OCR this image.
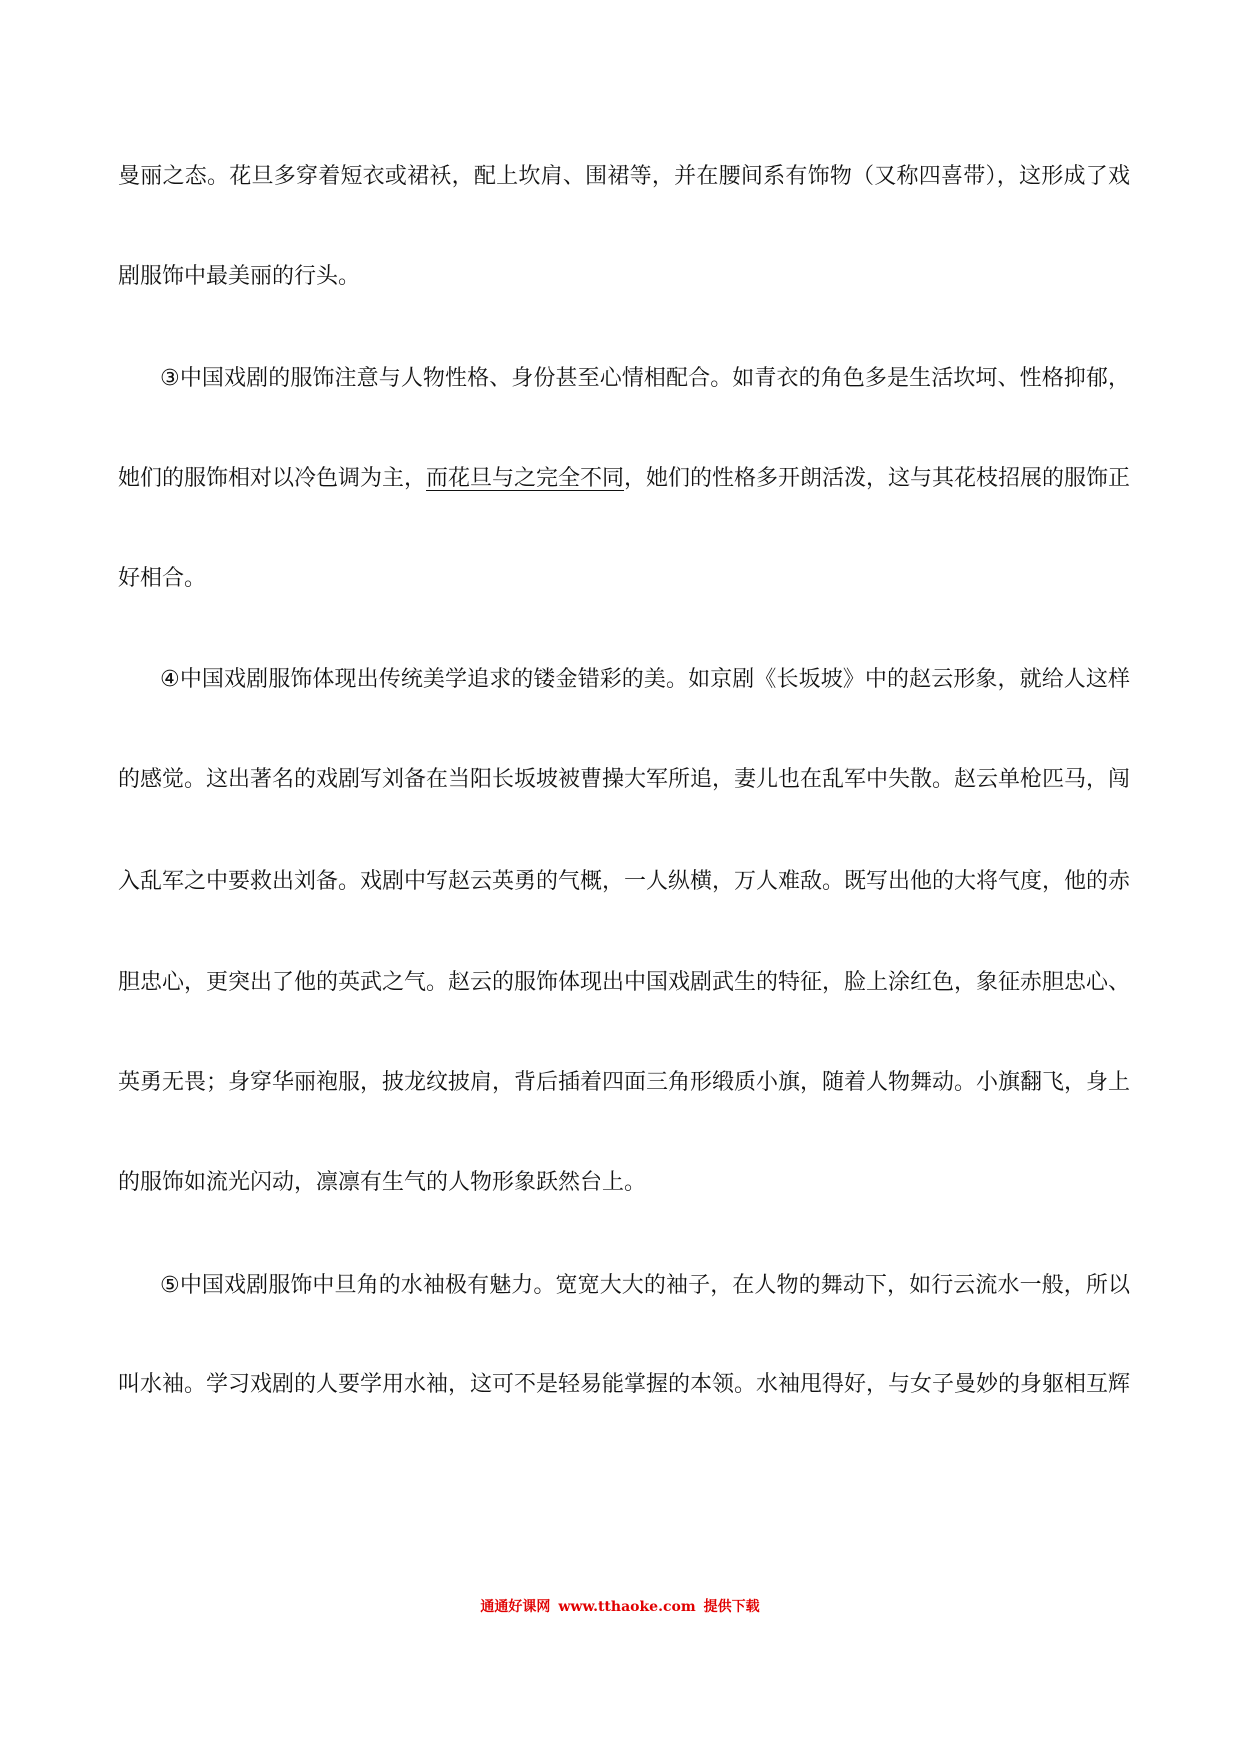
曼丽之态。花旦多穿着短衣或裙袄，配上坎肩、围裙等，并在腰间系有饰物（又称四喜带），这形成了戏
剧服饰中最美丽的行头。
③中国戏剧的服饰注意与人物性格、身份甚至心情相配合。如青衣的角色多是生活坎坷、性格抑郁，
她们的服饰相对以冷色调为主，而花旦与之完全不同，她们的性格多开朗活泼，这与其花枝招展的服饰正
好相合。
④中国戏剧服饰体现出传统美学追求的镂金错彩的美。如京剧《长坂坡》中的赵云形象，就给人这样
的感觉。这出著名的戏剧写刘备在当阳长坂坡被曹操大军所追，妻儿也在乱军中失散。赵云单枪匹马，闯
入乱军之中要救出刘备。戏剧中写赵云英勇的气概，一人纵横，万人难敌。既写出他的大将气度，他的赤
胆忠心，更突出了他的英武之气。赵云的服饰体现出中国戏剧武生的特征，脸上涂红色，象征赤胆忠心、
英勇无畏；身穿华丽袍服，披龙纹披肩，背后插着四面三角形缎质小旗，随着人物舞动。小旗翻飞，身上
的服饰如流光闪动，凛凛有生气的人物形象跃然台上。
⑤中国戏剧服饰中旦角的水袖极有魅力。宽宽大大的袖子，在人物的舞动下，如行云流水一般，所以
叫水袖。学习戏剧的人要学用水袖，这可不是轻易能掌握的本领。水袖甩得好，与女子曼妙的身躯相互辉
通通好课网 www.tthaoke.com 提供下载
